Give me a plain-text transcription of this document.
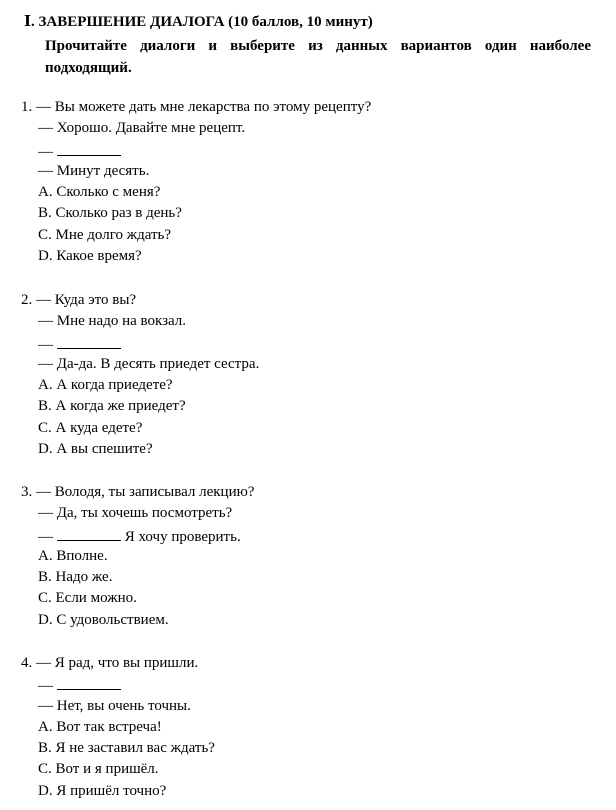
Ⅰ. ЗАВЕРШЕНИЕ ДИАЛОГА (10 баллов, 10 минут)
Прочитайте диалоги и выберите из данных вариантов один наиболее подходящий.
1. — Вы можете дать мне лекарства по этому рецепту?
— Хорошо. Давайте мне рецепт.
—
— Минут десять.
A. Сколько с меня?
B. Сколько раз в день?
C. Мне долго ждать?
D. Какое время?
2. — Куда это вы?
— Мне надо на вокзал.
—
— Да-да. В десять приедет сестра.
A. А когда приедете?
B. А когда же приедет?
C. А куда едете?
D. А вы спешите?
3. — Володя, ты записывал лекцию?
— Да, ты хочешь посмотреть?
—	Я хочу проверить.
A. Вполне.
B. Надо же.
C. Если можно.
D. С удовольствием.
4. — Я рад, что вы пришли.
—
— Нет, вы очень точны.
A. Вот так встреча!
B. Я не заставил вас ждать?
C. Вот и я пришёл.
D. Я пришёл точно?
